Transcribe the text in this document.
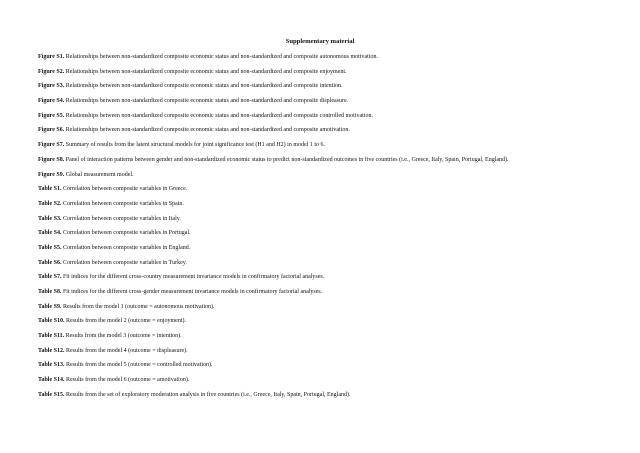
Supplementary material
Figure S1. Relationships between non-standardized composite economic status and non-standardized and composite autonomous motivation.
Figure S2. Relationships between non-standardized composite economic status and non-standardized and composite enjoyment.
Figure S3. Relationships between non-standardized composite economic status and non-standardized and composite intention.
Figure S4. Relationships between non-standardized composite economic status and non-standardized and composite displeasure.
Figure S5. Relationships between non-standardized composite economic status and non-standardized and composite controlled motivation.
Figure S6. Relationships between non-standardized composite economic status and non-standardized and composite amotivation.
Figure S7. Summary of results from the latent structural models for joint significance test (H1 and H2) in model 1 to 6.
Figure S8. Panel of interaction patterns between gender and non-standardized economic status to predict non-standardized outcomes in five countries (i.e., Greece, Italy, Spain, Portugal, England).
Figure S9. Global measurement model.
Table S1. Correlation between composite variables in Greece.
Table S2. Correlation between composite variables in Spain.
Table S3. Correlation between composite variables in Italy.
Table S4. Correlation between composite variables in Portugal.
Table S5. Correlation between composite variables in England.
Table S6. Correlation between composite variables in Turkey.
Table S7. Fit indices for the different cross-country measurement invariance models in confirmatory factorial analyses.
Table S8. Fit indices for the different cross-gender measurement invariance models in confirmatory factorial analyses.
Table S9. Results from the model 1 (outcome = autonomous motivation).
Table S10. Results from the model 2 (outcome = enjoyment).
Table S11. Results from the model 3 (outcome = intention).
Table S12. Results from the model 4 (outcome = displeasure).
Table S13. Results from the model 5 (outcome = controlled motivation).
Table S14. Results from the model 6 (outcome = amotivation).
Table S15. Results from the set of exploratory moderation analysis in five countries (i.e., Greece, Italy, Spain, Portugal, England).
